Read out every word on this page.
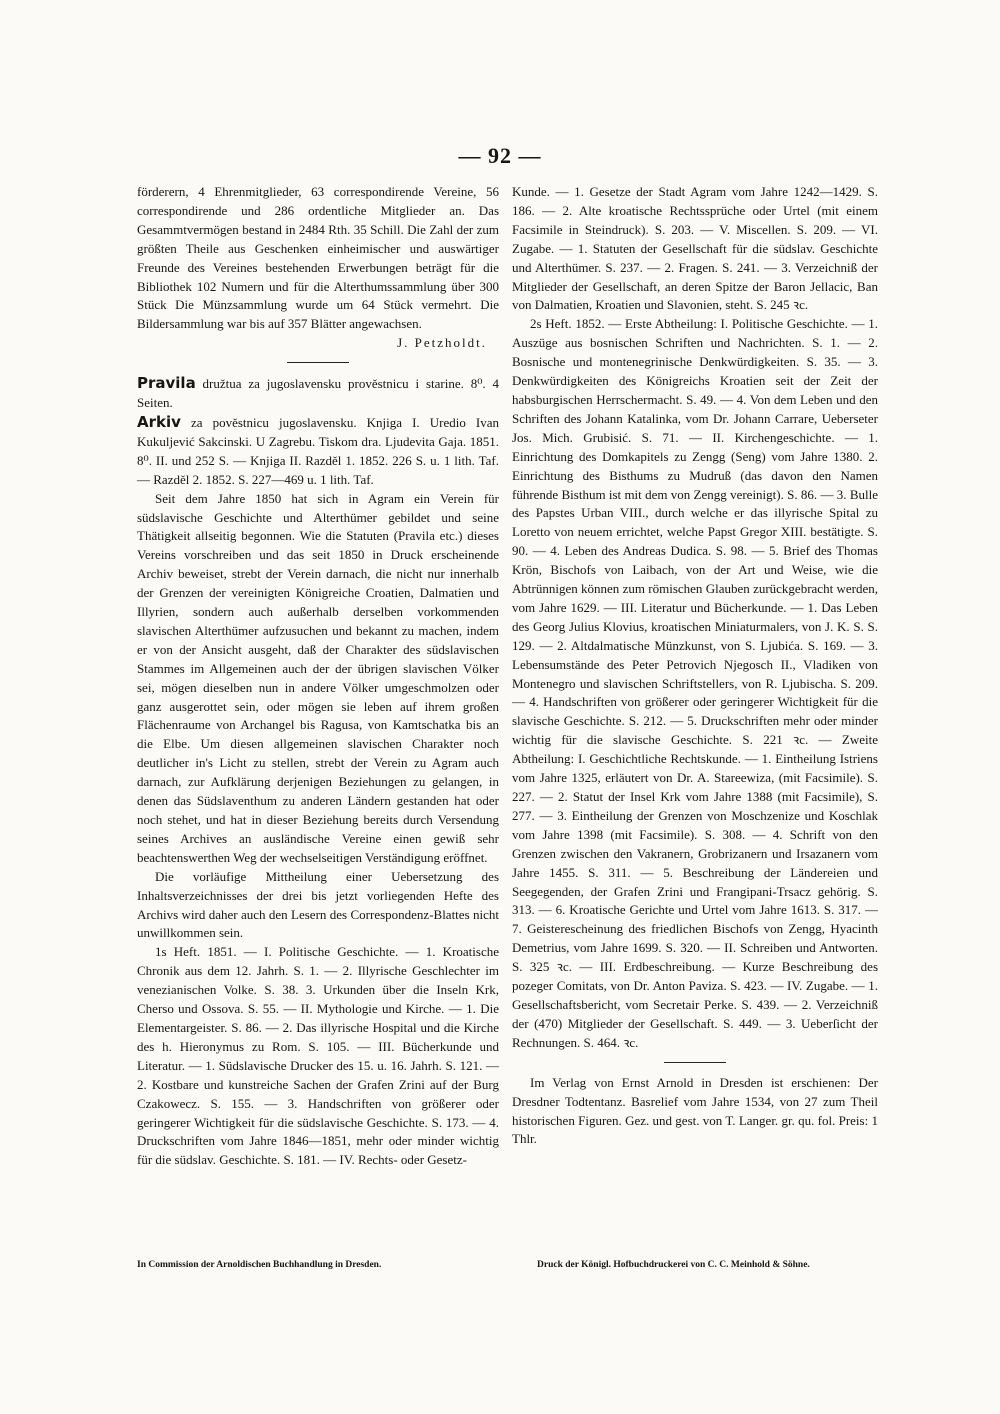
— 92 —

förderern, 4 Ehrenmitglieder, 63 correspondirende Vereine, 56 correspondirende und 286 ordentliche Mitglieder an. Das Gesammtvermögen bestand in 2484 Rth. 35 Schill. Die Zahl der zum größten Theile aus Geschenken einheimischer und auswärtiger Freunde des Vereines bestehenden Erwerbungen beträgt für die Bibliothek 102 Numern und für die Alterthumssammlung über 300 Stück Die Münzsammlung wurde um 64 Stück vermehrt. Die Bildersammlung war bis auf 357 Blätter angewachsen.

J. Petzholdt.

Pravila družtua za jugoslavensku prověstnicu i starine. 8⁰. 4 Seiten.

Arkiv za pověstnicu jugoslavensku. Knjiga I. Uredio Ivan Kukuljević Sakcinski. U Zagrebu. Tiskom dra. Ljudevita Gaja. 1851. 8⁰. II. und 252 S. — Knjiga II. Razděl 1. 1852. 226 S. u. 1 lith. Taf. — Razděl 2. 1852. S. 227—469 u. 1 lith. Taf.

Seit dem Jahre 1850 hat sich in Agram ein Verein für südslavische Geschichte und Alterthümer gebildet und seine Thätigkeit allseitig begonnen. Wie die Statuten (Pravila etc.) dieses Vereins vorschreiben und das seit 1850 in Druck erscheinende Archiv beweiset, strebt der Verein darnach, die nicht nur innerhalb der Grenzen der vereinigten Königreiche Croatien, Dalmatien und Illyrien, sondern auch außerhalb derselben vorkommenden slavischen Alterthümer aufzusuchen und bekannt zu machen, indem er von der Ansicht ausgeht, daß der Charakter des südslavischen Stammes im Allgemeinen auch der der übrigen slavischen Völker sei, mögen dieselben nun in andere Völker umgeschmolzen oder ganz ausgerottet sein, oder mögen sie leben auf ihrem großen Flächenraume von Archangel bis Ragusa, von Kamtschatka bis an die Elbe. Um diesen allgemeinen slavischen Charakter noch deutlicher in's Licht zu stellen, strebt der Verein zu Agram auch darnach, zur Aufklärung derjenigen Beziehungen zu gelangen, in denen das Südslaventhum zu anderen Ländern gestanden hat oder noch stehet, und hat in dieser Beziehung bereits durch Versendung seines Archives an ausländische Vereine einen gewiß sehr beachtenswerthen Weg der wechselseitigen Verständigung eröffnet.

Die vorläufige Mittheilung einer Uebersetzung des Inhaltsverzeichnisses der drei bis jetzt vorliegenden Hefte des Archivs wird daher auch den Lesern des Correspondenz-Blattes nicht unwillkommen sein.

1s Heft. 1851. — I. Politische Geschichte. — 1. Kroatische Chronik aus dem 12. Jahrh. S. 1. — 2. Illyrische Geschlechter im venezianischen Volke. S. 38. 3. Urkunden über die Inseln Krk, Cherso und Ossova. S. 55. — II. Mythologie und Kirche. — 1. Die Elementargeister. S. 86. — 2. Das illyrische Hospital und die Kirche des h. Hieronymus zu Rom. S. 105. — III. Bücherkunde und Literatur. — 1. Südslavische Drucker des 15. u. 16. Jahrh. S. 121. — 2. Kostbare und kunstreiche Sachen der Grafen Zrini auf der Burg Czakowecz. S. 155. — 3. Handschriften von größerer oder geringerer Wichtigkeit für die südslavische Geschichte. S. 173. — 4. Druckschriften vom Jahre 1846—1851, mehr oder minder wichtig für die südslav. Geschichte. S. 181. — IV. Rechts- oder Gesetz-

Kunde. — 1. Gesetze der Stadt Agram vom Jahre 1242—1429. S. 186. — 2. Alte kroatische Rechtssprüche oder Urtel (mit einem Facsimile in Steindruck). S. 203. — V. Miscellen. S. 209. — VI. Zugabe. — 1. Statuten der Gesellschaft für die südslav. Geschichte und Alterthümer. S. 237. — 2. Fragen. S. 241. — 3. Verzeichniß der Mitglieder der Gesellschaft, an deren Spitze der Baron Jellacic, Ban von Dalmatien, Kroatien und Slavonien, steht. S. 245 ꝛc.

2s Heft. 1852. — Erste Abtheilung: I. Politische Geschichte. — 1. Auszüge aus bosnischen Schriften und Nachrichten. S. 1. — 2. Bosnische und montenegrinische Denkwürdigkeiten. S. 35. — 3. Denkwürdigkeiten des Königreichs Kroatien seit der Zeit der habsburgischen Herrschermacht. S. 49. — 4. Von dem Leben und den Schriften des Johann Katalinkа, vom Dr. Johann Carrare, Ueberseter Jos. Mich. Grubisić. S. 71. — II. Kirchengeschichte. — 1. Einrichtung des Domkapitels zu Zengg (Seng) vom Jahre 1380. 2. Einrichtung des Bisthums zu Mudruß (das davon den Namen führende Bisthum ist mit dem von Zengg vereinigt). S. 86. — 3. Bulle des Papstes Urban VIII., durch welche er das illyrische Spital zu Loretto von neuem errichtet, welche Papst Gregor XIII. bestätigte. S. 90. — 4. Leben des Andreas Dudica. S. 98. — 5. Brief des Thomas Krön, Bischofs von Laibach, von der Art und Weise, wie die Abtrünnigen können zum römischen Glauben zurückgebracht werden, vom Jahre 1629. — III. Literatur und Bücherkunde. — 1. Das Leben des Georg Julius Klovius, kroatischen Miniaturmalers, von J. K. S. S. 129. — 2. Altdalmatische Münzkunst, von S. Ljubića. S. 169. — 3. Lebensumstände des Peter Petrovich Njegosch II., Vladiken von Montenegro und slavischen Schriftstellers, von R. Ljubischa. S. 209. — 4. Handschriften von größerer oder geringerer Wichtigkeit für die slavische Geschichte. S. 212. — 5. Druckschriften mehr oder minder wichtig für die slavische Geschichte. S. 221 ꝛc. — Zweite Abtheilung: I. Geschichtliche Rechtskunde. — 1. Eintheilung Istriens vom Jahre 1325, erläutert von Dr. A. Stareewiza, (mit Facsimile). S. 227. — 2. Statut der Insel Krk vom Jahre 1388 (mit Facsimile), S. 277. — 3. Eintheilung der Grenzen von Moschzenize und Koschlak vom Jahre 1398 (mit Facsimile). S. 308. — 4. Schrift von den Grenzen zwischen den Vakranern, Grobrizanern und Irsazanern vom Jahre 1455. S. 311. — 5. Beschreibung der Ländereien und Seegegenden, der Grafen Zrini und Frangipani-Trsacz gehörig. S. 313. — 6. Kroatische Gerichte und Urtel vom Jahre 1613. S. 317. — 7. Geisterescheinung des friedlichen Bischofs von Zengg, Hyacinth Demetrius, vom Jahre 1699. S. 320. — II. Schreiben und Antworten. S. 325 ꝛc. — III. Erdbeschreibung. — Kurze Beschreibung des pozeger Comitats, von Dr. Anton Paviza. S. 423. — IV. Zugabe. — 1. Gesellschaftsbericht, vom Secretair Perke. S. 439. — 2. Verzeichniß der (470) Mitglieder der Gesellschaft. S. 449. — 3. Ueberſicht der Rechnungen. S. 464. ꝛc.

Im Verlag von Ernst Arnold in Dresden ist erschienen: Der Dresdner Todtentanz. Basrelief vom Jahre 1534, von 27 zum Theil historischen Figuren. Gez. und gest. von T. Langer. gr. qu. fol. Preis: 1 Thlr.

In Commission der Arnoldischen Buchhandlung in Dresden.	Druck der Königl. Hofbuchdruckerei von C. C. Meinhold & Söhne.
